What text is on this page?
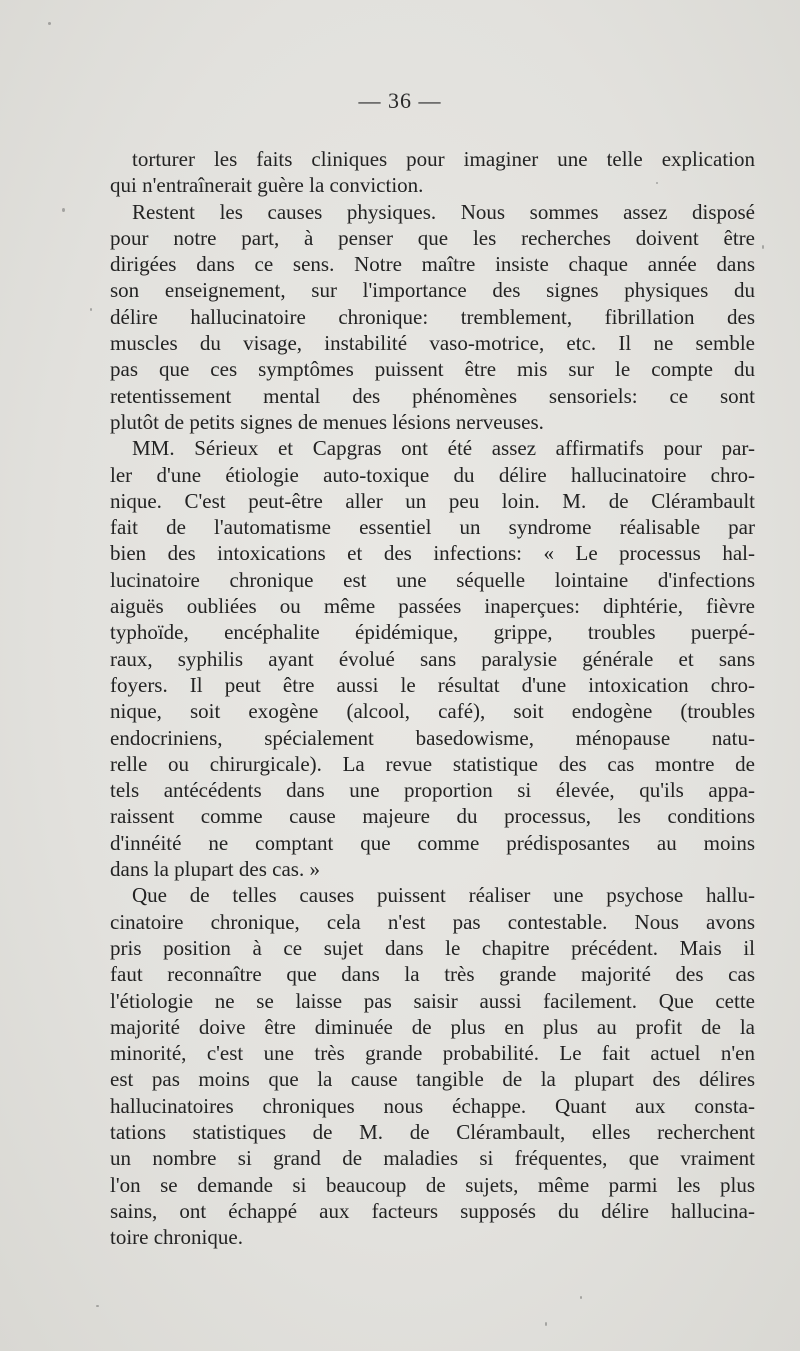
— 36 —

torturer les faits cliniques pour imaginer une telle explication
qui n'entraînerait guère la conviction.

Restent les causes physiques. Nous sommes assez disposé
pour notre part, à penser que les recherches doivent être
dirigées dans ce sens. Notre maître insiste chaque année dans
son enseignement, sur l'importance des signes physiques du
délire hallucinatoire chronique: tremblement, fibrillation des
muscles du visage, instabilité vaso-motrice, etc. Il ne semble
pas que ces symptômes puissent être mis sur le compte du
retentissement mental des phénomènes sensoriels: ce sont
plutôt de petits signes de menues lésions nerveuses.

MM. Sérieux et Capgras ont été assez affirmatifs pour par-
ler d'une étiologie auto-toxique du délire hallucinatoire chro-
nique. C'est peut-être aller un peu loin. M. de Clérambault
fait de l'automatisme essentiel un syndrome réalisable par
bien des intoxications et des infections: « Le processus hal-
lucinatoire chronique est une séquelle lointaine d'infections
aiguës oubliées ou même passées inaperçues: diphtérie, fièvre
typhoïde, encéphalite épidémique, grippe, troubles puerpé-
raux, syphilis ayant évolué sans paralysie générale et sans
foyers. Il peut être aussi le résultat d'une intoxication chro-
nique, soit exogène (alcool, café), soit endogène (troubles
endocriniens, spécialement basedowisme, ménopause natu-
relle ou chirurgicale). La revue statistique des cas montre de
tels antécédents dans une proportion si élevée, qu'ils appa-
raissent comme cause majeure du processus, les conditions
d'innéité ne comptant que comme prédisposantes au moins
dans la plupart des cas. »

Que de telles causes puissent réaliser une psychose hallu-
cinatoire chronique, cela n'est pas contestable. Nous avons
pris position à ce sujet dans le chapitre précédent. Mais il
faut reconnaître que dans la très grande majorité des cas
l'étiologie ne se laisse pas saisir aussi facilement. Que cette
majorité doive être diminuée de plus en plus au profit de la
minorité, c'est une très grande probabilité. Le fait actuel n'en
est pas moins que la cause tangible de la plupart des délires
hallucinatoires chroniques nous échappe. Quant aux consta-
tations statistiques de M. de Clérambault, elles recherchent
un nombre si grand de maladies si fréquentes, que vraiment
l'on se demande si beaucoup de sujets, même parmi les plus
sains, ont échappé aux facteurs supposés du délire hallucina-
toire chronique.
